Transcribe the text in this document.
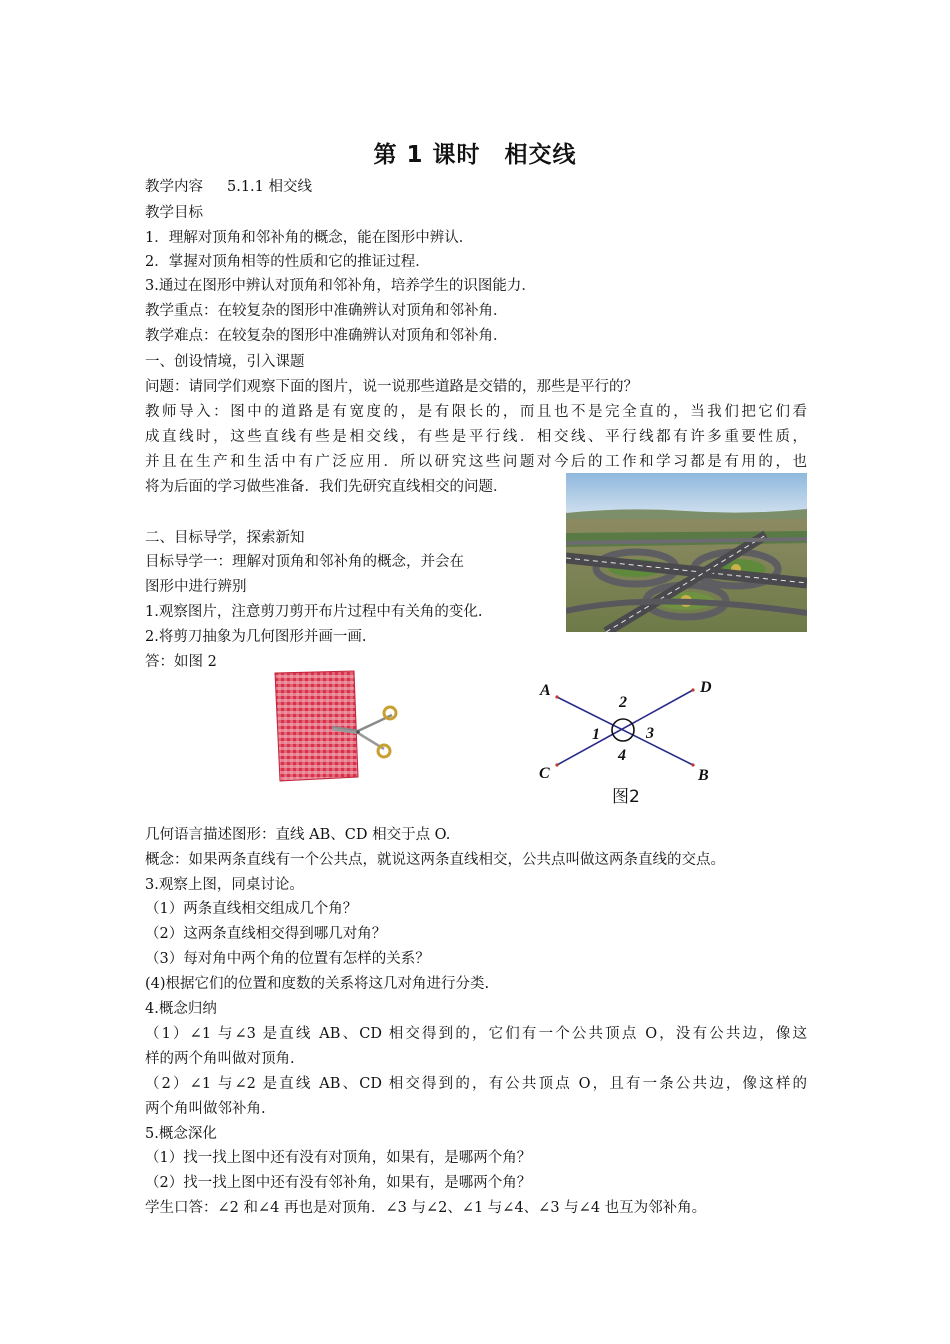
第 1 课时　相交线
教学内容 5.1.1 相交线
教学目标
1．理解对顶角和邻补角的概念，能在图形中辨认．
2．掌握对顶角相等的性质和它的推证过程．
3.通过在图形中辨认对顶角和邻补角，培养学生的识图能力．
教学重点：在较复杂的图形中准确辨认对顶角和邻补角．
教学难点：在较复杂的图形中准确辨认对顶角和邻补角．
一、创设情境，引入课题
问题：请同学们观察下面的图片，说一说那些道路是交错的，那些是平行的？
教师导入：图中的道路是有宽度的，是有限长的，而且也不是完全直的，当我们把它们看
成直线时，这些直线有些是相交线，有些是平行线．相交线、平行线都有许多重要性质，
并且在生产和生活中有广泛应用．所以研究这些问题对今后的工作和学习都是有用的，也
将为后面的学习做些准备．我们先研究直线相交的问题．
二、目标导学，探索新知
目标导学一：理解对顶角和邻补角的概念，并会在
图形中进行辨别
1.观察图片，注意剪刀剪开布片过程中有关角的变化.
2.将剪刀抽象为几何图形并画一画.
答：如图 2
A	D
C	B
1
2
3
4
图2
几何语言描述图形：直线 AB、CD 相交于点 O.
概念：如果两条直线有一个公共点，就说这两条直线相交，公共点叫做这两条直线的交点。
3.观察上图，同桌讨论。
（1）两条直线相交组成几个角？
（2）这两条直线相交得到哪几对角？
（3）每对角中两个角的位置有怎样的关系？
(4)根据它们的位置和度数的关系将这几对角进行分类.
4.概念归纳
（1）∠1 与∠3 是直线 AB、CD 相交得到的，它们有一个公共顶点 O，没有公共边，像这
样的两个角叫做对顶角.
（2）∠1 与∠2 是直线 AB、CD 相交得到的，有公共顶点 O，且有一条公共边，像这样的
两个角叫做邻补角.
5.概念深化
（1）找一找上图中还有没有对顶角，如果有，是哪两个角？
（2）找一找上图中还有没有邻补角，如果有，是哪两个角？
学生口答：∠2 和∠4 再也是对顶角．∠3 与∠2、∠1 与∠4、∠3 与∠4 也互为邻补角。
